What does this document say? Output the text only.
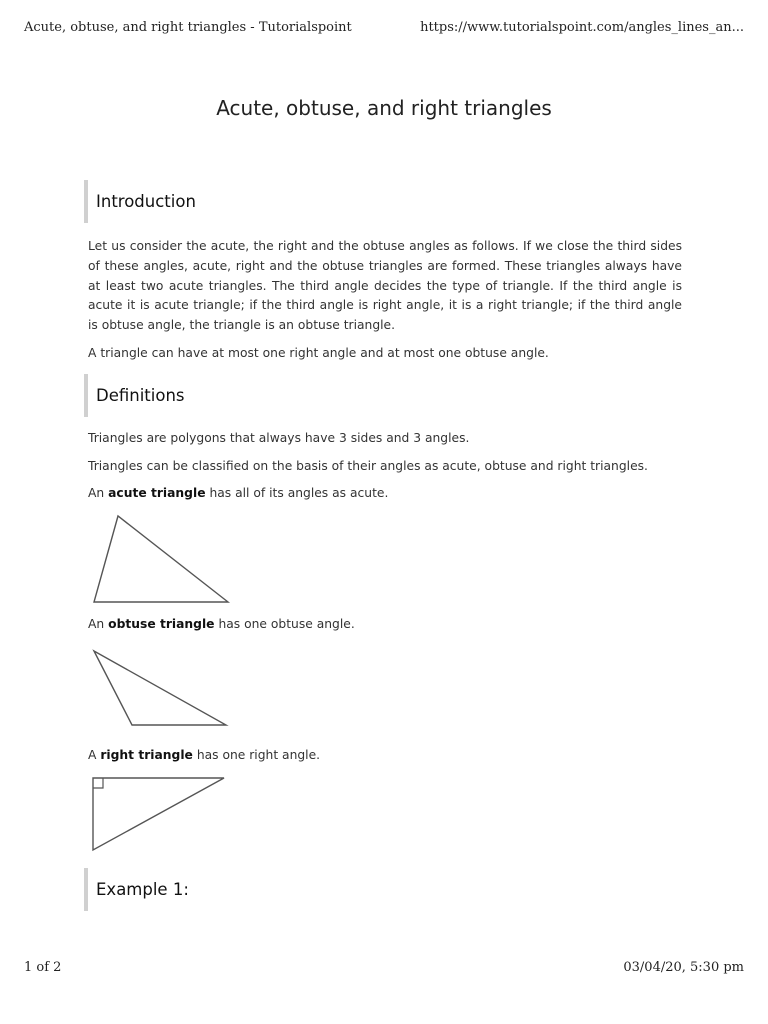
Acute, obtuse, and right triangles - Tutorialspoint	https://www.tutorialspoint.com/angles_lines_an...
Acute, obtuse, and right triangles
Introduction

Let us consider the acute, the right and the obtuse angles as follows. If we close the third sides of these angles, acute, right and the obtuse triangles are formed. These triangles always have at least two acute triangles. The third angle decides the type of triangle. If the third angle is acute it is acute triangle; if the third angle is right angle, it is a right triangle; if the third angle is obtuse angle, the triangle is an obtuse triangle.

A triangle can have at most one right angle and at most one obtuse angle.

Definitions

Triangles are polygons that always have 3 sides and 3 angles.

Triangles can be classified on the basis of their angles as acute, obtuse and right triangles.

An acute triangle has all of its angles as acute.

An obtuse triangle has one obtuse angle.

A right triangle has one right angle.

Example 1:
1 of 2	03/04/20, 5:30 pm
